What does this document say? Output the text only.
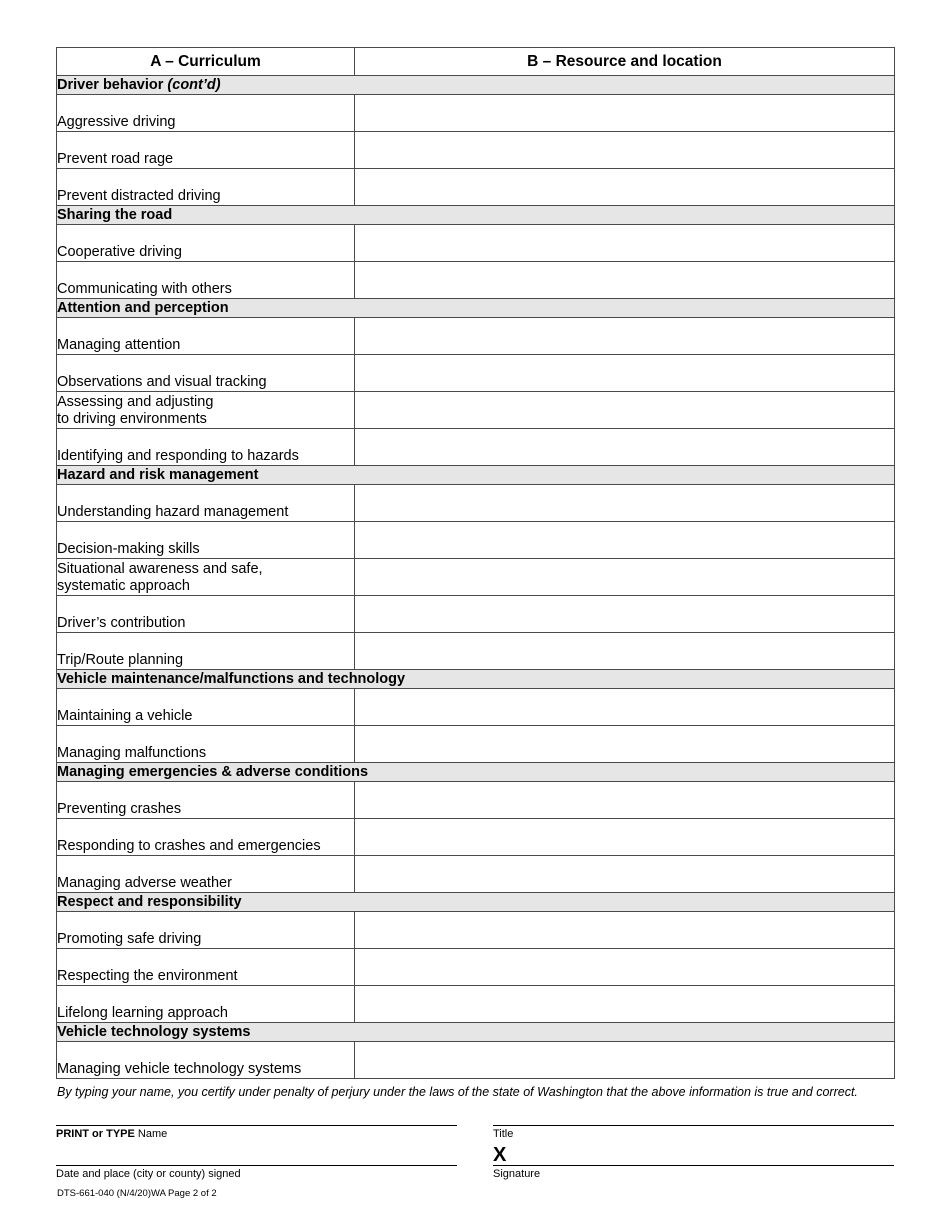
A – Curriculum	B – Resource and location
Driver behavior (cont’d)	
Aggressive driving	
Prevent road rage	
Prevent distracted driving	
Sharing the road	
Cooperative driving	
Communicating with others	
Attention and perception	
Managing attention	
Observations and visual tracking	
Assessing and adjusting
to driving environments	
Identifying and responding to hazards	
Hazard and risk management	
Understanding hazard management	
Decision-making skills	
Situational awareness and safe,
systematic approach	
Driver’s contribution	
Trip/Route planning	
Vehicle maintenance/malfunctions and technology	
Maintaining a vehicle	
Managing malfunctions	
Managing emergencies & adverse conditions	
Preventing crashes	
Responding to crashes and emergencies	
Managing adverse weather	
Respect and responsibility	
Promoting safe driving	
Respecting the environment	
Lifelong learning approach	
Vehicle technology systems	
Managing vehicle technology systems	
By typing your name, you certify under penalty of perjury under the laws of the state of Washington that the above information is true and correct.
PRINT or TYPE Name	Title
Date and place (city or county) signed
X
Signature
DTS-661-040 (N/4/20)WA Page 2 of 2
